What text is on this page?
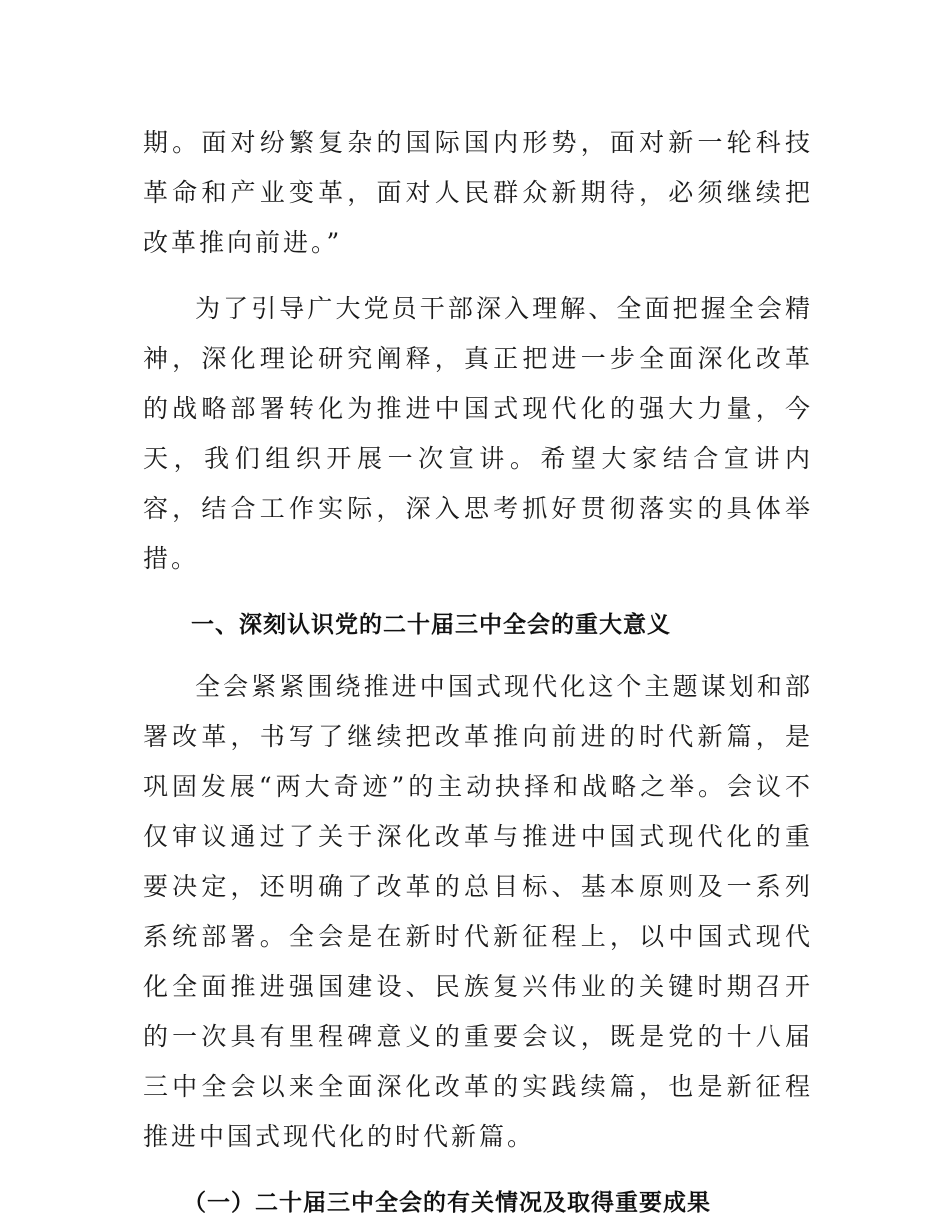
期。面对纷繁复杂的国际国内形势，面对新一轮科技革命和产业变革，面对人民群众新期待，必须继续把改革推向前进。”

为了引导广大党员干部深入理解、全面把握全会精神，深化理论研究阐释，真正把进一步全面深化改革的战略部署转化为推进中国式现代化的强大力量，今天，我们组织开展一次宣讲。希望大家结合宣讲内容，结合工作实际，深入思考抓好贯彻落实的具体举措。

一、深刻认识党的二十届三中全会的重大意义

全会紧紧围绕推进中国式现代化这个主题谋划和部署改革，书写了继续把改革推向前进的时代新篇，是巩固发展“两大奇迹”的主动抉择和战略之举。会议不仅审议通过了关于深化改革与推进中国式现代化的重要决定，还明确了改革的总目标、基本原则及一系列系统部署。全会是在新时代新征程上，以中国式现代化全面推进强国建设、民族复兴伟业的关键时期召开的一次具有里程碑意义的重要会议，既是党的十八届三中全会以来全面深化改革的实践续篇，也是新征程推进中国式现代化的时代新篇。

（一）二十届三中全会的有关情况及取得重要成果
